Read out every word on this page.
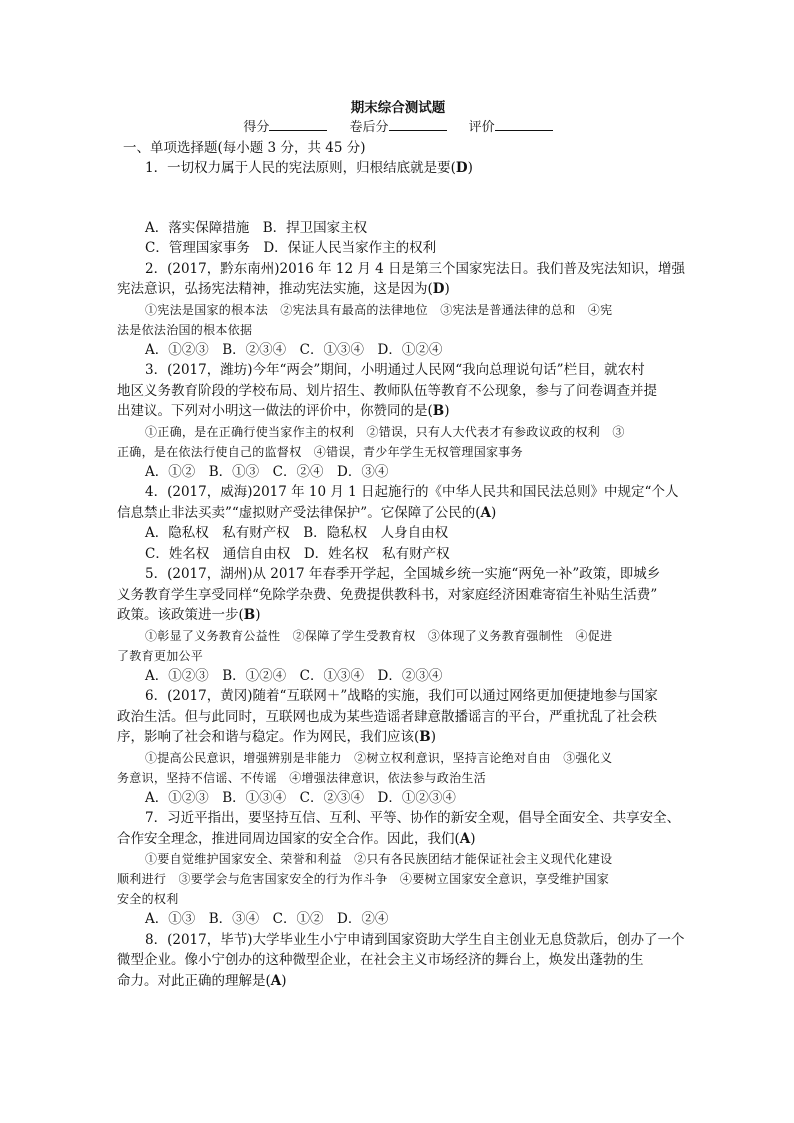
期末综合测试题
得分	卷后分	评价
一、单项选择题(每小题 3 分，共 45 分)
1．一切权力属于人民的宪法原则，归根结底就是要(D)
A．落实保障措施　B．捍卫国家主权
C．管理国家事务　D．保证人民当家作主的权利
2．(2017，黔东南州)2016 年 12 月 4 日是第三个国家宪法日。我们普及宪法知识，增强
宪法意识，弘扬宪法精神，推动宪法实施，这是因为(D)
①宪法是国家的根本法　②宪法具有最高的法律地位　③宪法是普通法律的总和　④宪
法是依法治国的根本依据
A．①②③　B．②③④　C．①③④　D．①②④
3．(2017，潍坊)今年“两会”期间，小明通过人民网“我向总理说句话”栏目，就农村
地区义务教育阶段的学校布局、划片招生、教师队伍等教育不公现象，参与了问卷调查并提
出建议。下列对小明这一做法的评价中，你赞同的是(B)
①正确，是在正确行使当家作主的权利　②错误，只有人大代表才有参政议政的权利　③
正确，是在依法行使自己的监督权　④错误，青少年学生无权管理国家事务
A．①②　B．①③　C．②④　D．③④
4．(2017，威海)2017 年 10 月 1 日起施行的《中华人民共和国民法总则》中规定“个人
信息禁止非法买卖”“虚拟财产受法律保护”。它保障了公民的(A)
A．隐私权　私有财产权　B．隐私权　人身自由权
C．姓名权　通信自由权　D．姓名权　私有财产权
5．(2017，湖州)从 2017 年春季开学起，全国城乡统一实施“两免一补”政策，即城乡
义务教育学生享受同样“免除学杂费、免费提供教科书，对家庭经济困难寄宿生补贴生活费”
政策。该政策进一步(B)
①彰显了义务教育公益性　②保障了学生受教育权　③体现了义务教育强制性　④促进
了教育更加公平
A．①②③　B．①②④　C．①③④　D．②③④
6．(2017，黄冈)随着“互联网＋”战略的实施，我们可以通过网络更加便捷地参与国家
政治生活。但与此同时，互联网也成为某些造谣者肆意散播谣言的平台，严重扰乱了社会秩
序，影响了社会和谐与稳定。作为网民，我们应该(B)
①提高公民意识，增强辨别是非能力　②树立权利意识，坚持言论绝对自由　③强化义
务意识，坚持不信谣、不传谣　④增强法律意识，依法参与政治生活
A．①②③　B．①③④　C．②③④　D．①②③④
7．习近平指出，要坚持互信、互利、平等、协作的新安全观，倡导全面安全、共享安全、
合作安全理念，推进同周边国家的安全合作。因此，我们(A)
①要自觉维护国家安全、荣誉和利益　②只有各民族团结才能保证社会主义现代化建设
顺利进行　③要学会与危害国家安全的行为作斗争　④要树立国家安全意识，享受维护国家
安全的权利
A．①③　B．③④　C．①②　D．②④
8．(2017，毕节)大学毕业生小宁申请到国家资助大学生自主创业无息贷款后，创办了一个
微型企业。像小宁创办的这种微型企业，在社会主义市场经济的舞台上，焕发出蓬勃的生
命力。对此正确的理解是(A)
